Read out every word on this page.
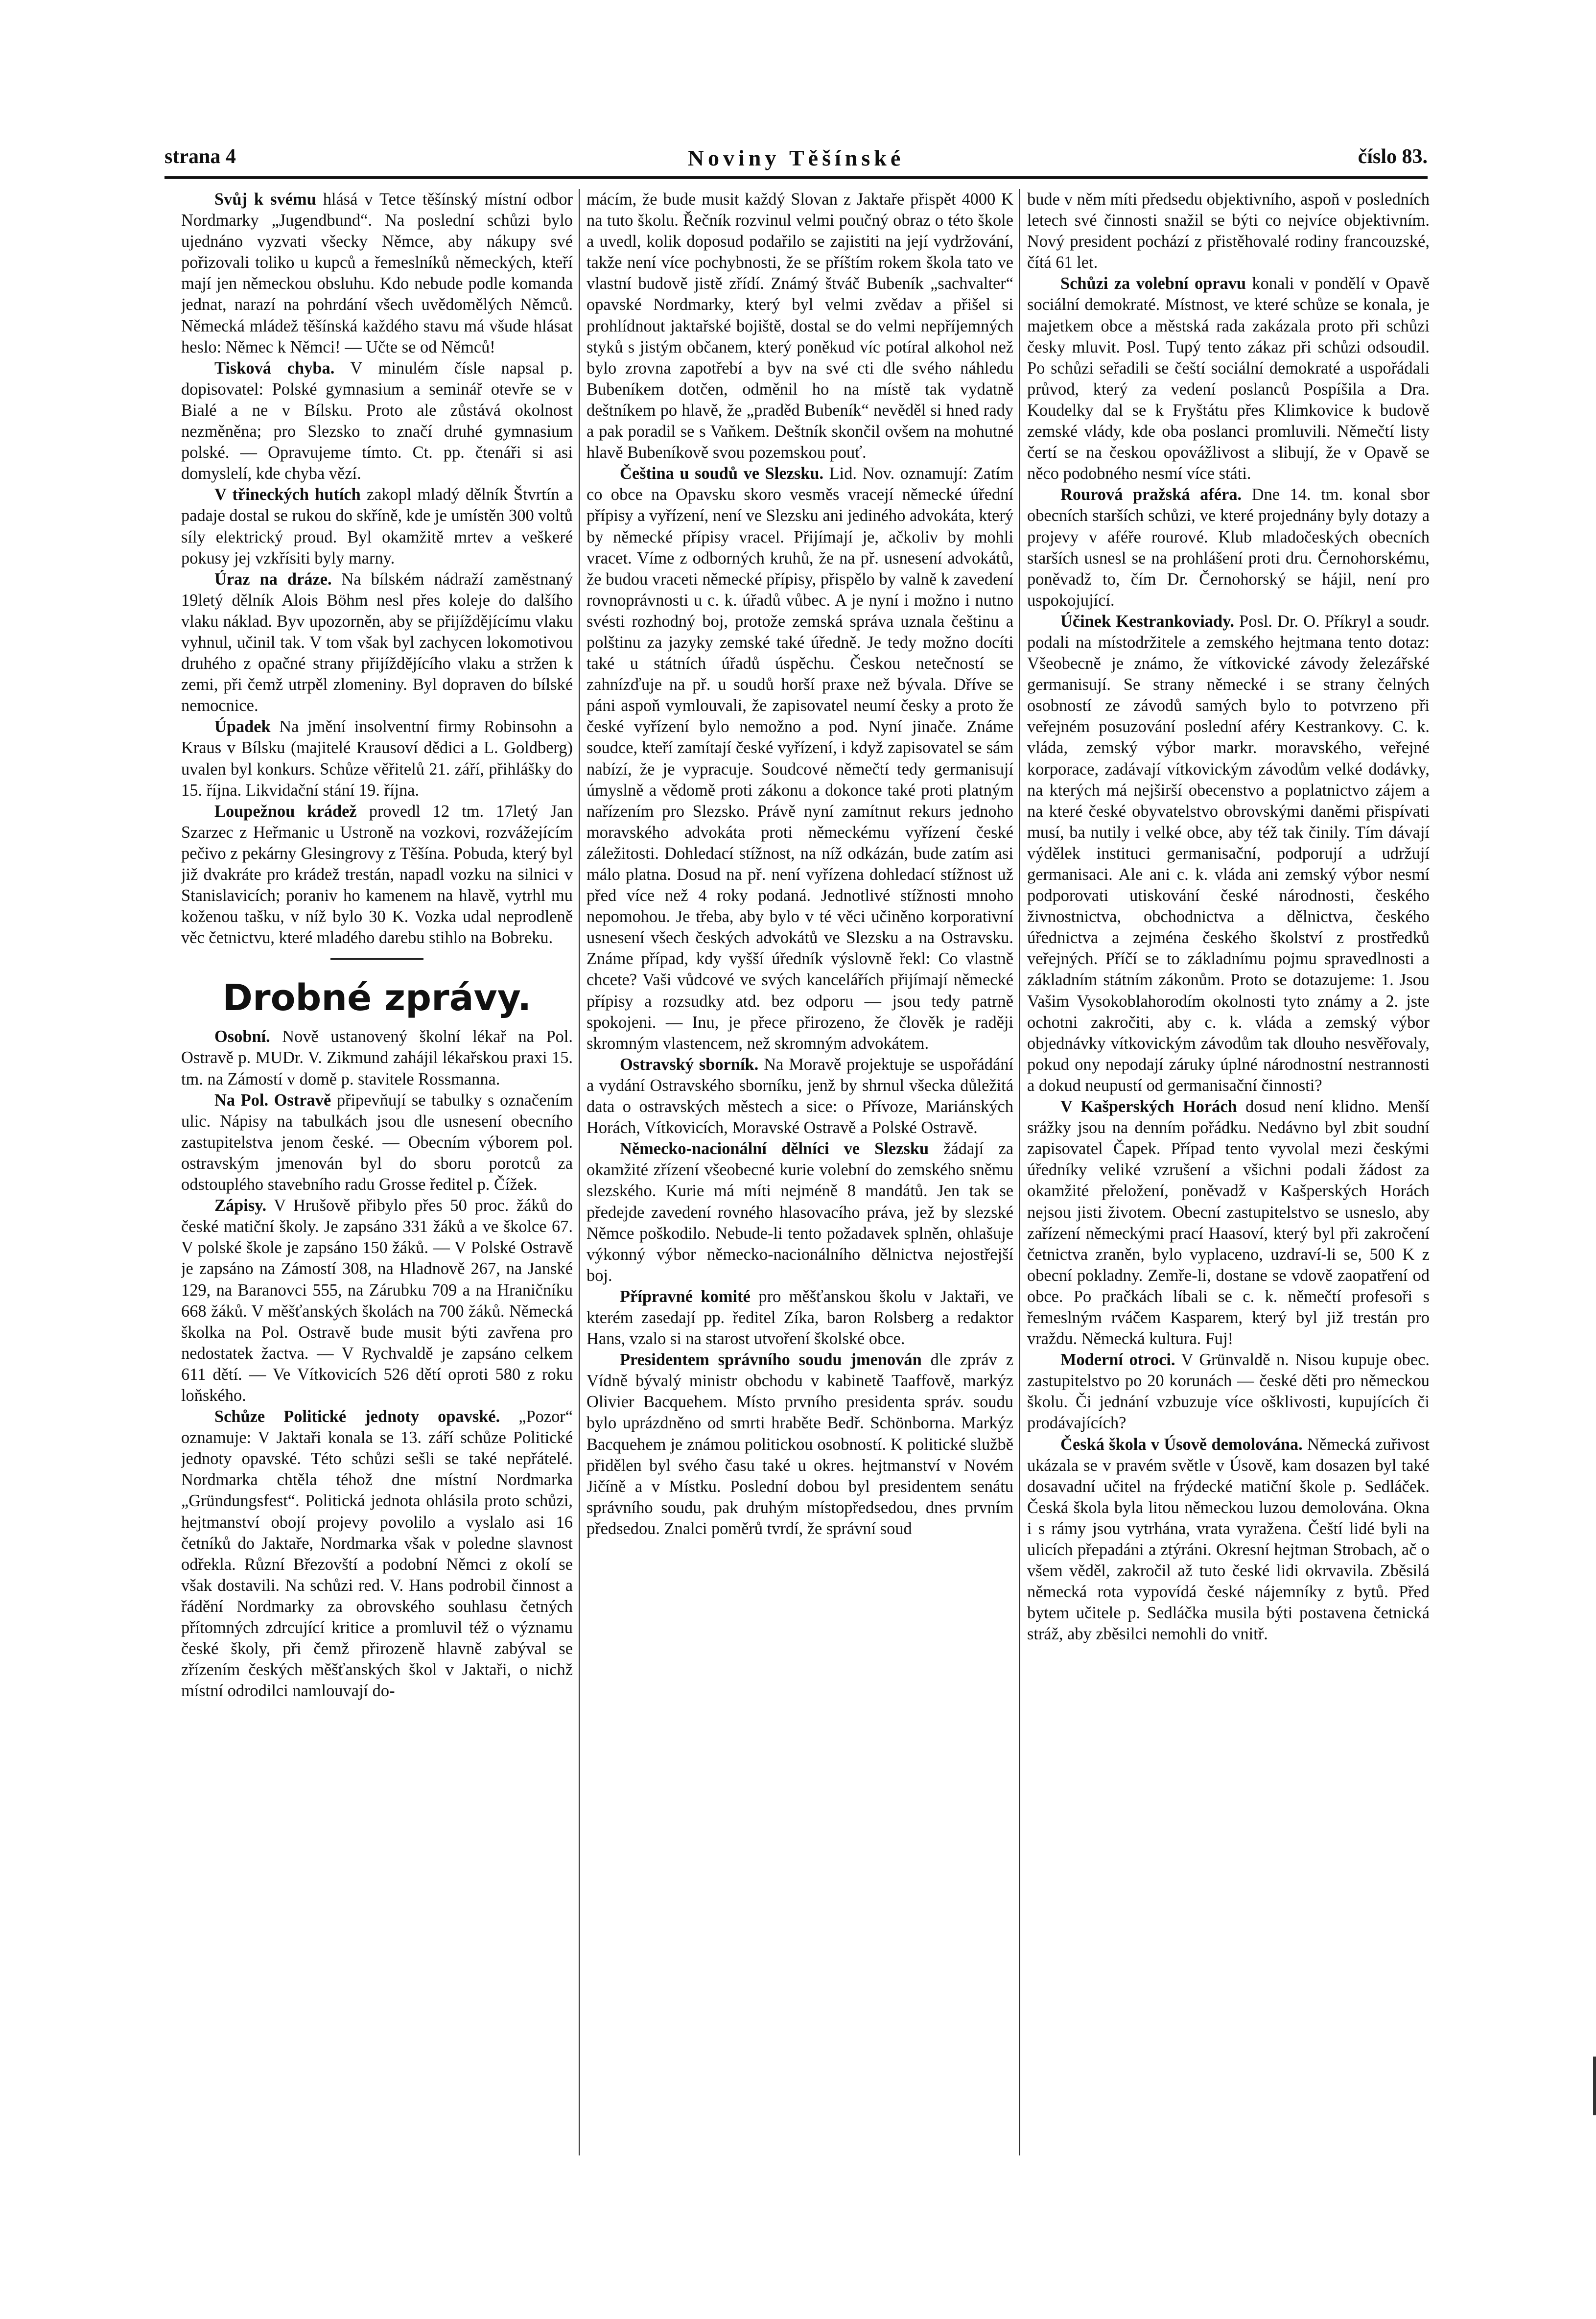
strana 4	Noviny Těšínské	číslo 83.

Svůj k svému hlásá v Tetce těšínský místní odbor Nordmarky „Jugendbund“. Na poslední schůzi bylo ujednáno vyzvati všecky Němce, aby nákupy své pořizovali toliko u kupců a řemeslníků německých, kteří mají jen německou obsluhu. Kdo nebude podle komanda jednat, narazí na pohrdání všech uvědomělých Němců. Německá mládež těšínská každého stavu má všude hlásat heslo: Němec k Němci! — Učte se od Němců!

Tisková chyba. V minulém čísle napsal p. dopisovatel: Polské gymnasium a seminář otevře se v Bialé a ne v Bílsku. Proto ale zůstává okolnost nezměněna; pro Slezsko to značí druhé gymnasium polské. — Opravujeme tímto. Ct. pp. čtenáři si asi domyslelí, kde chyba vězí.

V třineckých hutích zakopl mladý dělník Štvrtín a padaje dostal se rukou do skříně, kde je umístěn 300 voltů síly elektrický proud. Byl okamžitě mrtev a veškeré pokusy jej vzkřísiti byly marny.

Úraz na dráze. Na bílském nádraží zaměstnaný 19letý dělník Alois Böhm nesl přes koleje do dalšího vlaku náklad. Byv upozorněn, aby se přijíždějícímu vlaku vyhnul, učinil tak. V tom však byl zachycen lokomotivou druhého z opačné strany přijíždějícího vlaku a stržen k zemi, při čemž utrpěl zlomeniny. Byl dopraven do bílské nemocnice.

Úpadek Na jmění insolventní firmy Robinsohn a Kraus v Bílsku (majitelé Krausoví dědici a L. Goldberg) uvalen byl konkurs. Schůze věřitelů 21. září, přihlášky do 15. října. Likvidační stání 19. října.

Loupežnou krádež provedl 12 tm. 17letý Jan Szarzec z Heřmanic u Ustroně na vozkovi, rozvážejícím pečivo z pekárny Glesingrovy z Těšína. Pobuda, který byl již dvakráte pro krádež trestán, napadl vozku na silnici v Stanislavicích; poraniv ho kamenem na hlavě, vytrhl mu koženou tašku, v níž bylo 30 K. Vozka udal neprodleně věc četnictvu, které mladého darebu stihlo na Bobreku.

Drobné zprávy.

Osobní. Nově ustanovený školní lékař na Pol. Ostravě p. MUDr. V. Zikmund zahájil lékařskou praxi 15. tm. na Zámostí v domě p. stavitele Rossmanna.

Na Pol. Ostravě připevňují se tabulky s označením ulic. Nápisy na tabulkách jsou dle usnesení obecního zastupitelstva jenom české. — Obecním výborem pol. ostravským jmenován byl do sboru porotců za odstouplého stavebního radu Grosse ředitel p. Čížek.

Zápisy. V Hrušově přibylo přes 50 proc. žáků do české matiční školy. Je zapsáno 331 žáků a ve školce 67. V polské škole je zapsáno 150 žáků. — V Polské Ostravě je zapsáno na Zámostí 308, na Hladnově 267, na Janské 129, na Baranovci 555, na Zárubku 709 a na Hraničníku 668 žáků. V měšťanských školách na 700 žáků. Německá školka na Pol. Ostravě bude musit býti zavřena pro nedostatek žactva. — V Rychvaldě je zapsáno celkem 611 dětí. — Ve Vítkovicích 526 dětí oproti 580 z roku loňského.

Schůze Politické jednoty opavské. „Pozor“ oznamuje: V Jaktaři konala se 13. září schůze Politické jednoty opavské. Této schůzi sešli se také nepřátelé. Nordmarka chtěla téhož dne místní Nordmarka „Gründungsfest“. Politická jednota ohlásila proto schůzi, hejtmanství obojí projevy povolilo a vyslalo asi 16 četníků do Jaktaře, Nordmarka však v poledne slavnost odřekla. Různí Březovští a podobní Němci z okolí se však dostavili. Na schůzi red. V. Hans podrobil činnost a řádění Nordmarky za obrovského souhlasu četných přítomných zdrcující kritice a promluvil též o významu české školy, při čemž přirozeně hlavně zabýval se zřízením českých měšťanských škol v Jaktaři, o nichž místní odrodilci namlouvají do-

mácím, že bude musit každý Slovan z Jaktaře přispět 4000 K na tuto školu. Řečník rozvinul velmi poučný obraz o této škole a uvedl, kolik doposud podařilo se zajistiti na její vydržování, takže není více pochybnosti, že se příštím rokem škola tato ve vlastní budově jistě zřídí. Známý štváč Bubeník „sachvalter“ opavské Nordmarky, který byl velmi zvědav a přišel si prohlídnout jaktařské bojiště, dostal se do velmi nepříjemných styků s jistým občanem, který poněkud víc potíral alkohol než bylo zrovna zapotřebí a byv na své cti dle svého náhledu Bubeníkem dotčen, odměnil ho na místě tak vydatně deštníkem po hlavě, že „praděd Bubeník“ nevěděl si hned rady a pak poradil se s Vaňkem. Deštník skončil ovšem na mohutné hlavě Bubeníkově svou pozemskou pouť.

Čeština u soudů ve Slezsku. Lid. Nov. oznamují: Zatím co obce na Opavsku skoro vesměs vracejí německé úřední přípisy a vyřízení, není ve Slezsku ani jediného advokáta, který by německé přípisy vracel. Přijímají je, ačkoliv by mohli vracet. Víme z odborných kruhů, že na př. usnesení advokátů, že budou vraceti německé přípisy, přispělo by valně k zavedení rovnoprávnosti u c. k. úřadů vůbec. A je nyní i možno i nutno svésti rozhodný boj, protože zemská správa uznala češtinu a polštinu za jazyky zemské také úředně. Je tedy možno docíti také u státních úřadů úspěchu. Českou netečností se zahnízďuje na př. u soudů horší praxe než bývala. Dříve se páni aspoň vymlouvali, že zapisovatel neumí česky a proto že české vyřízení bylo nemožno a pod. Nyní jinače. Známe soudce, kteří zamítají české vyřízení, i když zapisovatel se sám nabízí, že je vypracuje. Soudcové němečtí tedy germanisují úmyslně a vědomě proti zákonu a dokonce také proti platným nařízením pro Slezsko. Právě nyní zamítnut rekurs jednoho moravského advokáta proti německému vyřízení české záležitosti. Dohledací stížnost, na níž odkázán, bude zatím asi málo platna. Dosud na př. není vyřízena dohledací stížnost už před více než 4 roky podaná. Jednotlivé stížnosti mnoho nepomohou. Je třeba, aby bylo v té věci učiněno korporativní usnesení všech českých advokátů ve Slezsku a na Ostravsku. Známe případ, kdy vyšší úředník výslovně řekl: Co vlastně chcete? Vaši vůdcové ve svých kancelářích přijímají německé přípisy a rozsudky atd. bez odporu — jsou tedy patrně spokojeni. — Inu, je přece přirozeno, že člověk je raději skromným vlastencem, než skromným advokátem.

Ostravský sborník. Na Moravě projektuje se uspořádání a vydání Ostravského sborníku, jenž by shrnul všecka důležitá data o ostravských městech a sice: o Přívoze, Mariánských Horách, Vítkovicích, Moravské Ostravě a Polské Ostravě.

Německo-nacionální dělníci ve Slezsku žádají za okamžité zřízení všeobecné kurie volební do zemského sněmu slezského. Kurie má míti nejméně 8 mandátů. Jen tak se předejde zavedení rovného hlasovacího práva, jež by slezské Němce poškodilo. Nebude-li tento požadavek splněn, ohlašuje výkonný výbor německo-nacionálního dělnictva nejostřejší boj.

Přípravné komité pro měšťanskou školu v Jaktaři, ve kterém zasedají pp. ředitel Zíka, baron Rolsberg a redaktor Hans, vzalo si na starost utvoření školské obce.

Presidentem správního soudu jmenován dle zpráv z Vídně bývalý ministr obchodu v kabinetě Taaffově, markýz Olivier Bacquehem. Místo prvního presidenta správ. soudu bylo uprázdněno od smrti hraběte Bedř. Schönborna. Markýz Bacquehem je známou politickou osobností. K politické službě přidělen byl svého času také u okres. hejtmanství v Novém Jičíně a v Místku. Poslední dobou byl presidentem senátu správního soudu, pak druhým místopředsedou, dnes prvním předsedou. Znalci poměrů tvrdí, že správní soud

bude v něm míti předsedu objektivního, aspoň v posledních letech své činnosti snažil se býti co nejvíce objektivním. Nový president pochází z přistěhovalé rodiny francouzské, čítá 61 let.

Schůzi za volební opravu konali v pondělí v Opavě sociální demokraté. Místnost, ve které schůze se konala, je majetkem obce a městská rada zakázala proto při schůzi česky mluvit. Posl. Tupý tento zákaz při schůzi odsoudil. Po schůzi seřadili se čeští sociální demokraté a uspořádali průvod, který za vedení poslanců Pospíšila a Dra. Koudelky dal se k Fryštátu přes Klimkovice k budově zemské vlády, kde oba poslanci promluvili. Němečtí listy čertí se na českou opovážlivost a slibují, že v Opavě se něco podobného nesmí více státi.

Rourová pražská aféra. Dne 14. tm. konal sbor obecních starších schůzi, ve které projednány byly dotazy a projevy v aféře rourové. Klub mladočeských obecních starších usnesl se na prohlášení proti dru. Černohorskému, poněvadž to, čím Dr. Černohorský se hájil, není pro uspokojující.

Účinek Kestrankoviady. Posl. Dr. O. Příkryl a soudr. podali na místodržitele a zemského hejtmana tento dotaz: Všeobecně je známo, že vítkovické závody železářské germanisují. Se strany německé i se strany čelných osobností ze závodů samých bylo to potvrzeno při veřejném posuzování poslední aféry Kestrankovy. C. k. vláda, zemský výbor markr. moravského, veřejné korporace, zadávají vítkovickým závodům velké dodávky, na kterých má nejširší obecenstvo a poplatnictvo zájem a na které české obyvatelstvo obrovskými daněmi přispívati musí, ba nutily i velké obce, aby též tak činily. Tím dávají výdělek instituci germanisační, podporují a udržují germanisaci. Ale ani c. k. vláda ani zemský výbor nesmí podporovati utiskování české národnosti, českého živnostnictva, obchodnictva a dělnictva, českého úřednictva a zejména českého školství z prostředků veřejných. Příčí se to základnímu pojmu spravedlnosti a základním státním zákonům. Proto se dotazujeme: 1. Jsou Vašim Vysokoblahorodím okolnosti tyto známy a 2. jste ochotni zakročiti, aby c. k. vláda a zemský výbor objednávky vítkovickým závodům tak dlouho nesvěřovaly, pokud ony nepodají záruky úplné národnostní nestrannosti a dokud neupustí od germanisační činnosti?

V Kašperských Horách dosud není klidno. Menší srážky jsou na denním pořádku. Nedávno byl zbit soudní zapisovatel Čapek. Případ tento vyvolal mezi českými úředníky veliké vzrušení a všichni podali žádost za okamžité přeložení, poněvadž v Kašperských Horách nejsou jisti životem. Obecní zastupitelstvo se usneslo, aby zařízení německými prací Haasoví, který byl při zakročení četnictva zraněn, bylo vyplaceno, uzdraví-li se, 500 K z obecní pokladny. Zemře-li, dostane se vdově zaopatření od obce. Po pračkách líbali se c. k. němečtí profesoři s řemeslným rváčem Kasparem, který byl již trestán pro vraždu. Německá kultura. Fuj!

Moderní otroci. V Grünvaldě n. Nisou kupuje obec. zastupitelstvo po 20 korunách — české děti pro německou školu. Či jednání vzbuzuje více ošklivosti, kupujících či prodávajících?

Česká škola v Úsově demolována. Německá zuřivost ukázala se v pravém světle v Úsově, kam dosazen byl také dosavadní učitel na frýdecké matiční škole p. Sedláček. Česká škola byla litou německou luzou demolována. Okna i s rámy jsou vytrhána, vrata vyražena. Čeští lidé byli na ulicích přepadáni a ztýráni. Okresní hejtman Strobach, ač o všem věděl, zakročil až tuto české lidi okrvavila. Zběsilá německá rota vypovídá české nájemníky z bytů. Před bytem učitele p. Sedláčka musila býti postavena četnická stráž, aby zběsilci nemohli do vnitř.
